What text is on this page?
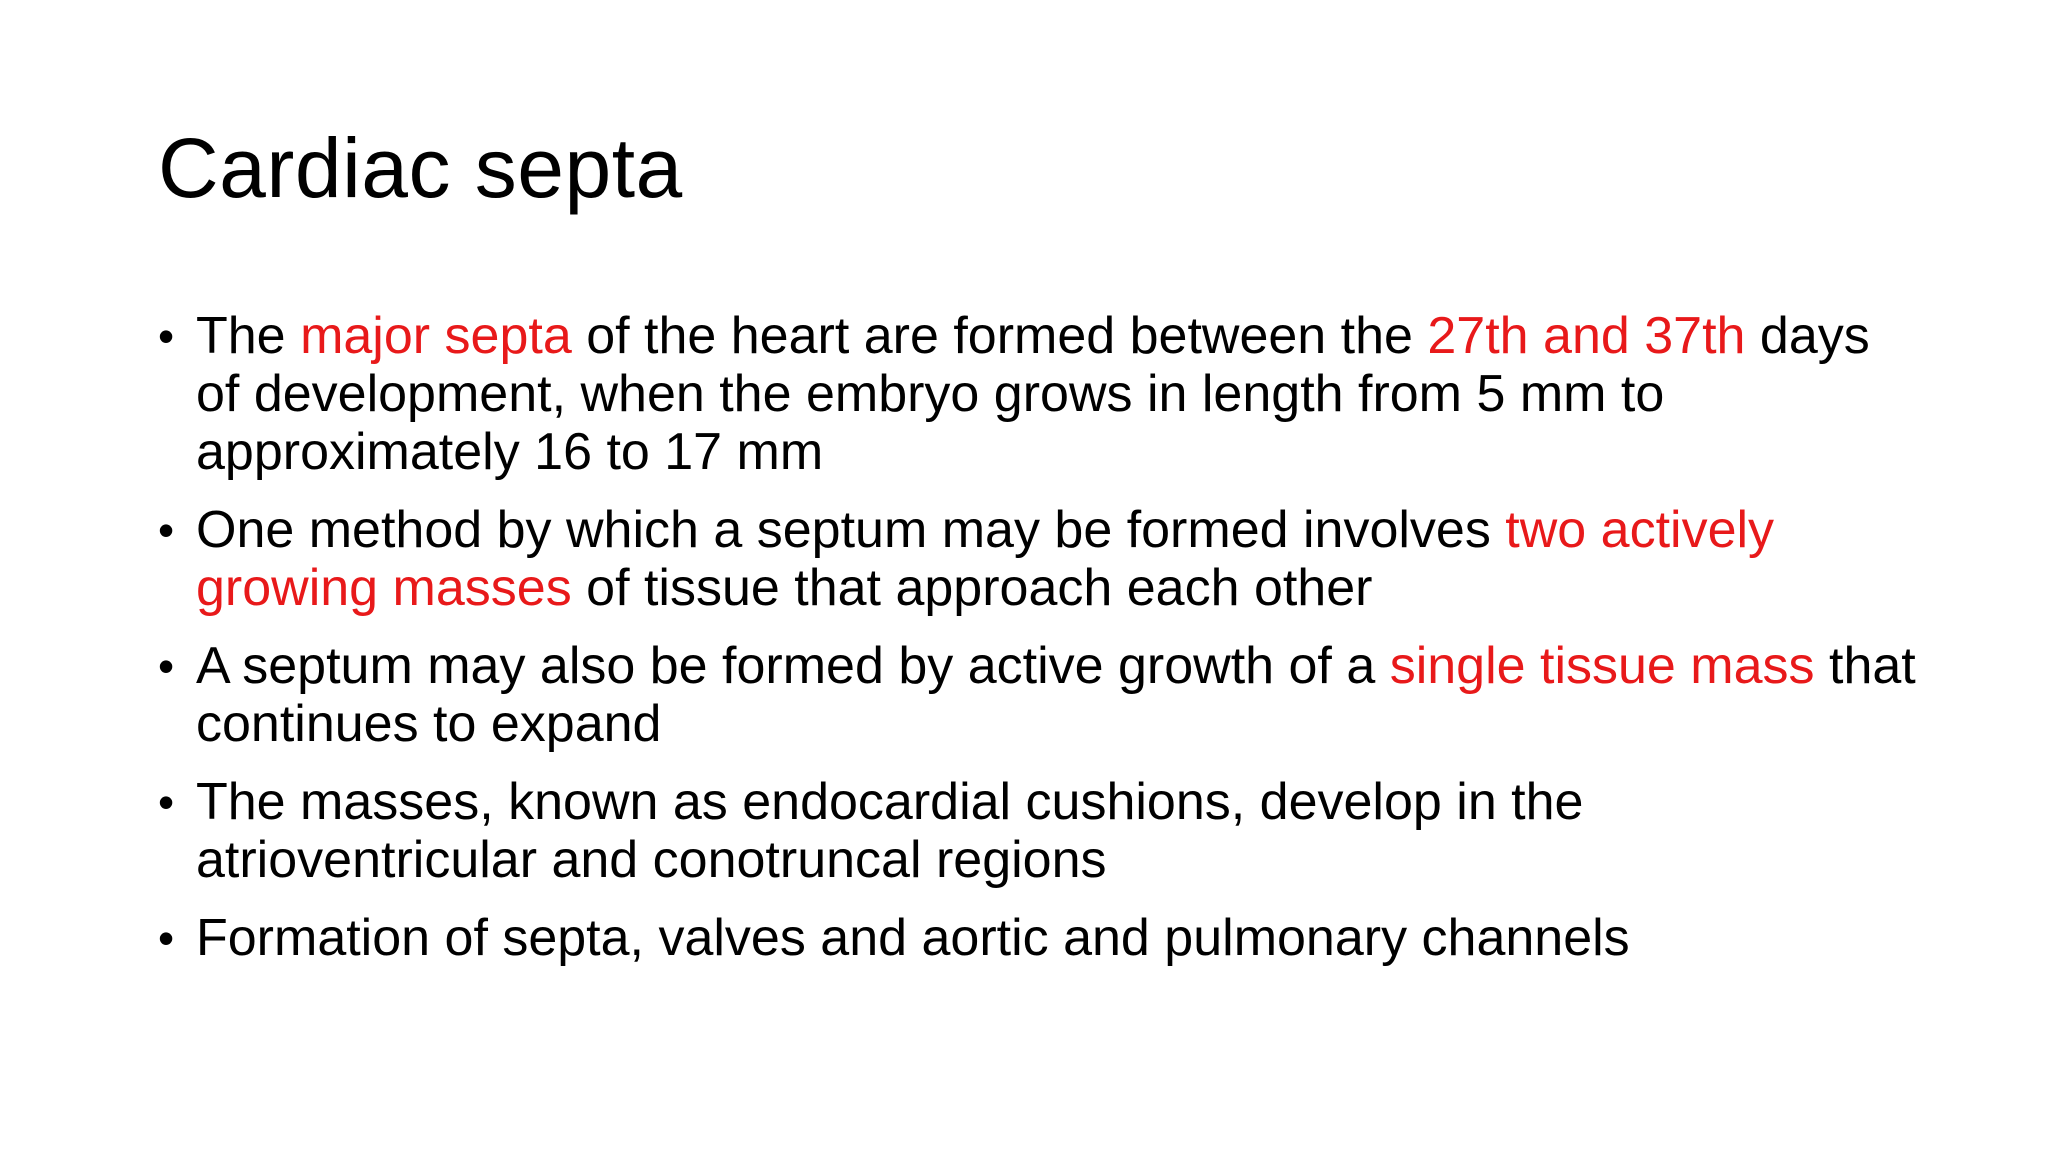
Cardiac septa
• The major septa of the heart are formed between the 27th and 37th days of development, when the embryo grows in length from 5 mm to approximately 16 to 17 mm
• One method by which a septum may be formed involves two actively growing masses of tissue that approach each other
• A septum may also be formed by active growth of a single tissue mass that continues to expand
• The masses, known as endocardial cushions, develop in the atrioventricular and conotruncal regions
• Formation of septa, valves and aortic and pulmonary channels
